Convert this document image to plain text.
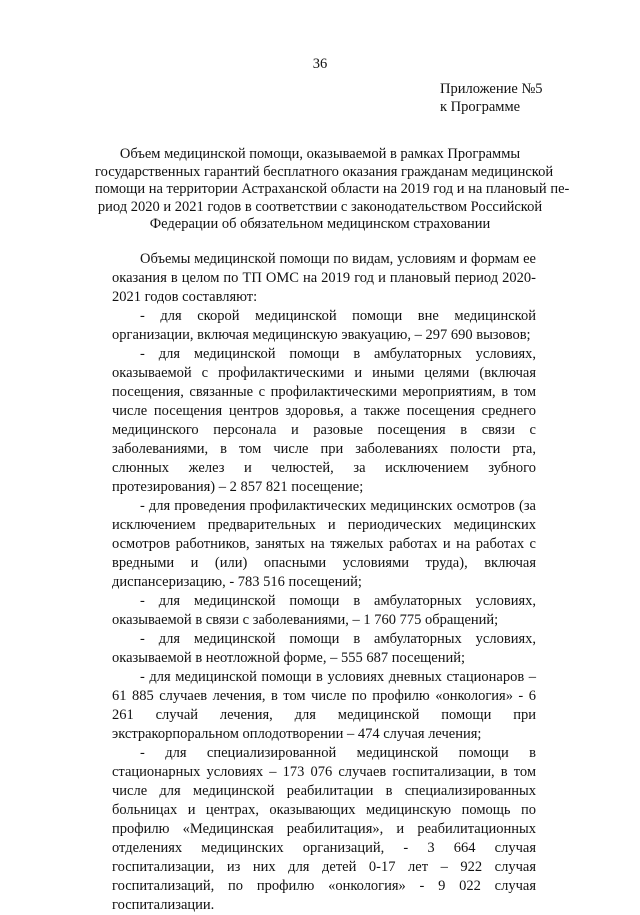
36
Приложение №5
к Программе
Объем медицинской помощи, оказываемой в рамках Программы
государственных гарантий бесплатного оказания гражданам медицинской
помощи на территории Астраханской области на 2019 год и на плановый пе-
риод 2020 и 2021 годов в соответствии с законодательством Российской
Федерации об обязательном медицинском страховании

Объемы медицинской помощи по видам, условиям и формам ее оказания в целом по ТП ОМС на 2019 год и плановый период 2020-2021 годов составляют:

- для скорой медицинской помощи вне медицинской организации, включая медицинскую эвакуацию, – 297 690 вызовов;

- для медицинской помощи в амбулаторных условиях, оказываемой с профилактическими и иными целями (включая посещения, связанные с профилактическими мероприятиям, в том числе посещения центров здоровья, а также посещения среднего медицинского персонала и разовые посещения в связи с заболеваниями, в том числе при заболеваниях полости рта, слюнных желез и челюстей, за исключением зубного протезирования) – 2 857 821 посещение;

- для проведения профилактических медицинских осмотров (за исключением предварительных и периодических медицинских осмотров работников, занятых на тяжелых работах и на работах с вредными и (или) опасными условиями труда), включая диспансеризацию, - 783 516 посещений;

- для медицинской помощи в амбулаторных условиях, оказываемой в связи с заболеваниями, – 1 760 775 обращений;

- для медицинской помощи в амбулаторных условиях, оказываемой в неотложной форме, – 555 687 посещений;

- для медицинской помощи в условиях дневных стационаров – 61 885 случаев лечения, в том числе по профилю «онкология» - 6 261 случай лечения, для медицинской помощи при экстракорпоральном оплодотворении – 474 случая лечения;

- для специализированной медицинской помощи в стационарных условиях – 173 076 случаев госпитализации, в том числе для медицинской реабилитации в специализированных больницах и центрах, оказывающих медицинскую помощь по профилю «Медицинская реабилитация», и реабилитационных отделениях медицинских организаций, - 3 664 случая госпитализации, из них для детей 0-17 лет – 922 случая госпитализаций, по профилю «онкология» - 9 022 случая госпитализации.
